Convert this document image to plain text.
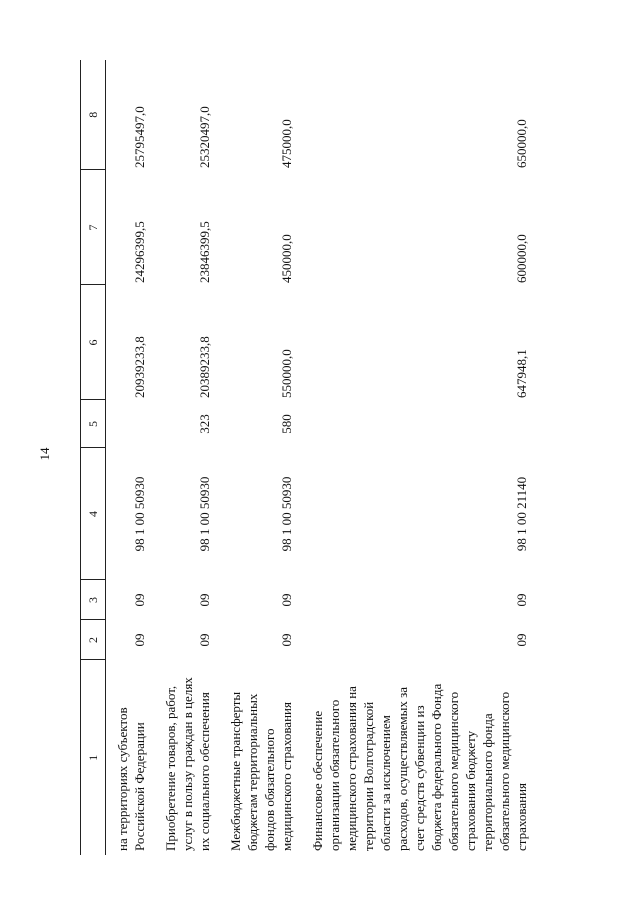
14
1	2	3	4	5	6	7	8
на территориях субъектов Российской Федерации	09	09	98 1 00 50930		20939233,8	24296399,5	25795497,0
Приобретение товаров, работ, услуг в пользу граждан в целях их социального обеспечения	09	09	98 1 00 50930	323	20389233,8	23846399,5	25320497,0
Межбюджетные трансферты бюджетам территориальных фондов обязательного медицинского страхования	09	09	98 1 00 50930	580	550000,0	450000,0	475000,0
Финансовое обеспечение организации обязательного медицинского страхования на территории Волгоградской области за исключением расходов, осуществляемых за счет средств субвенции из бюджета федерального Фонда обязательного медицинского страхования бюджету территориального фонда обязательного медицинского страхования	09	09	98 1 00 21140		647948,1	600000,0	650000,0
